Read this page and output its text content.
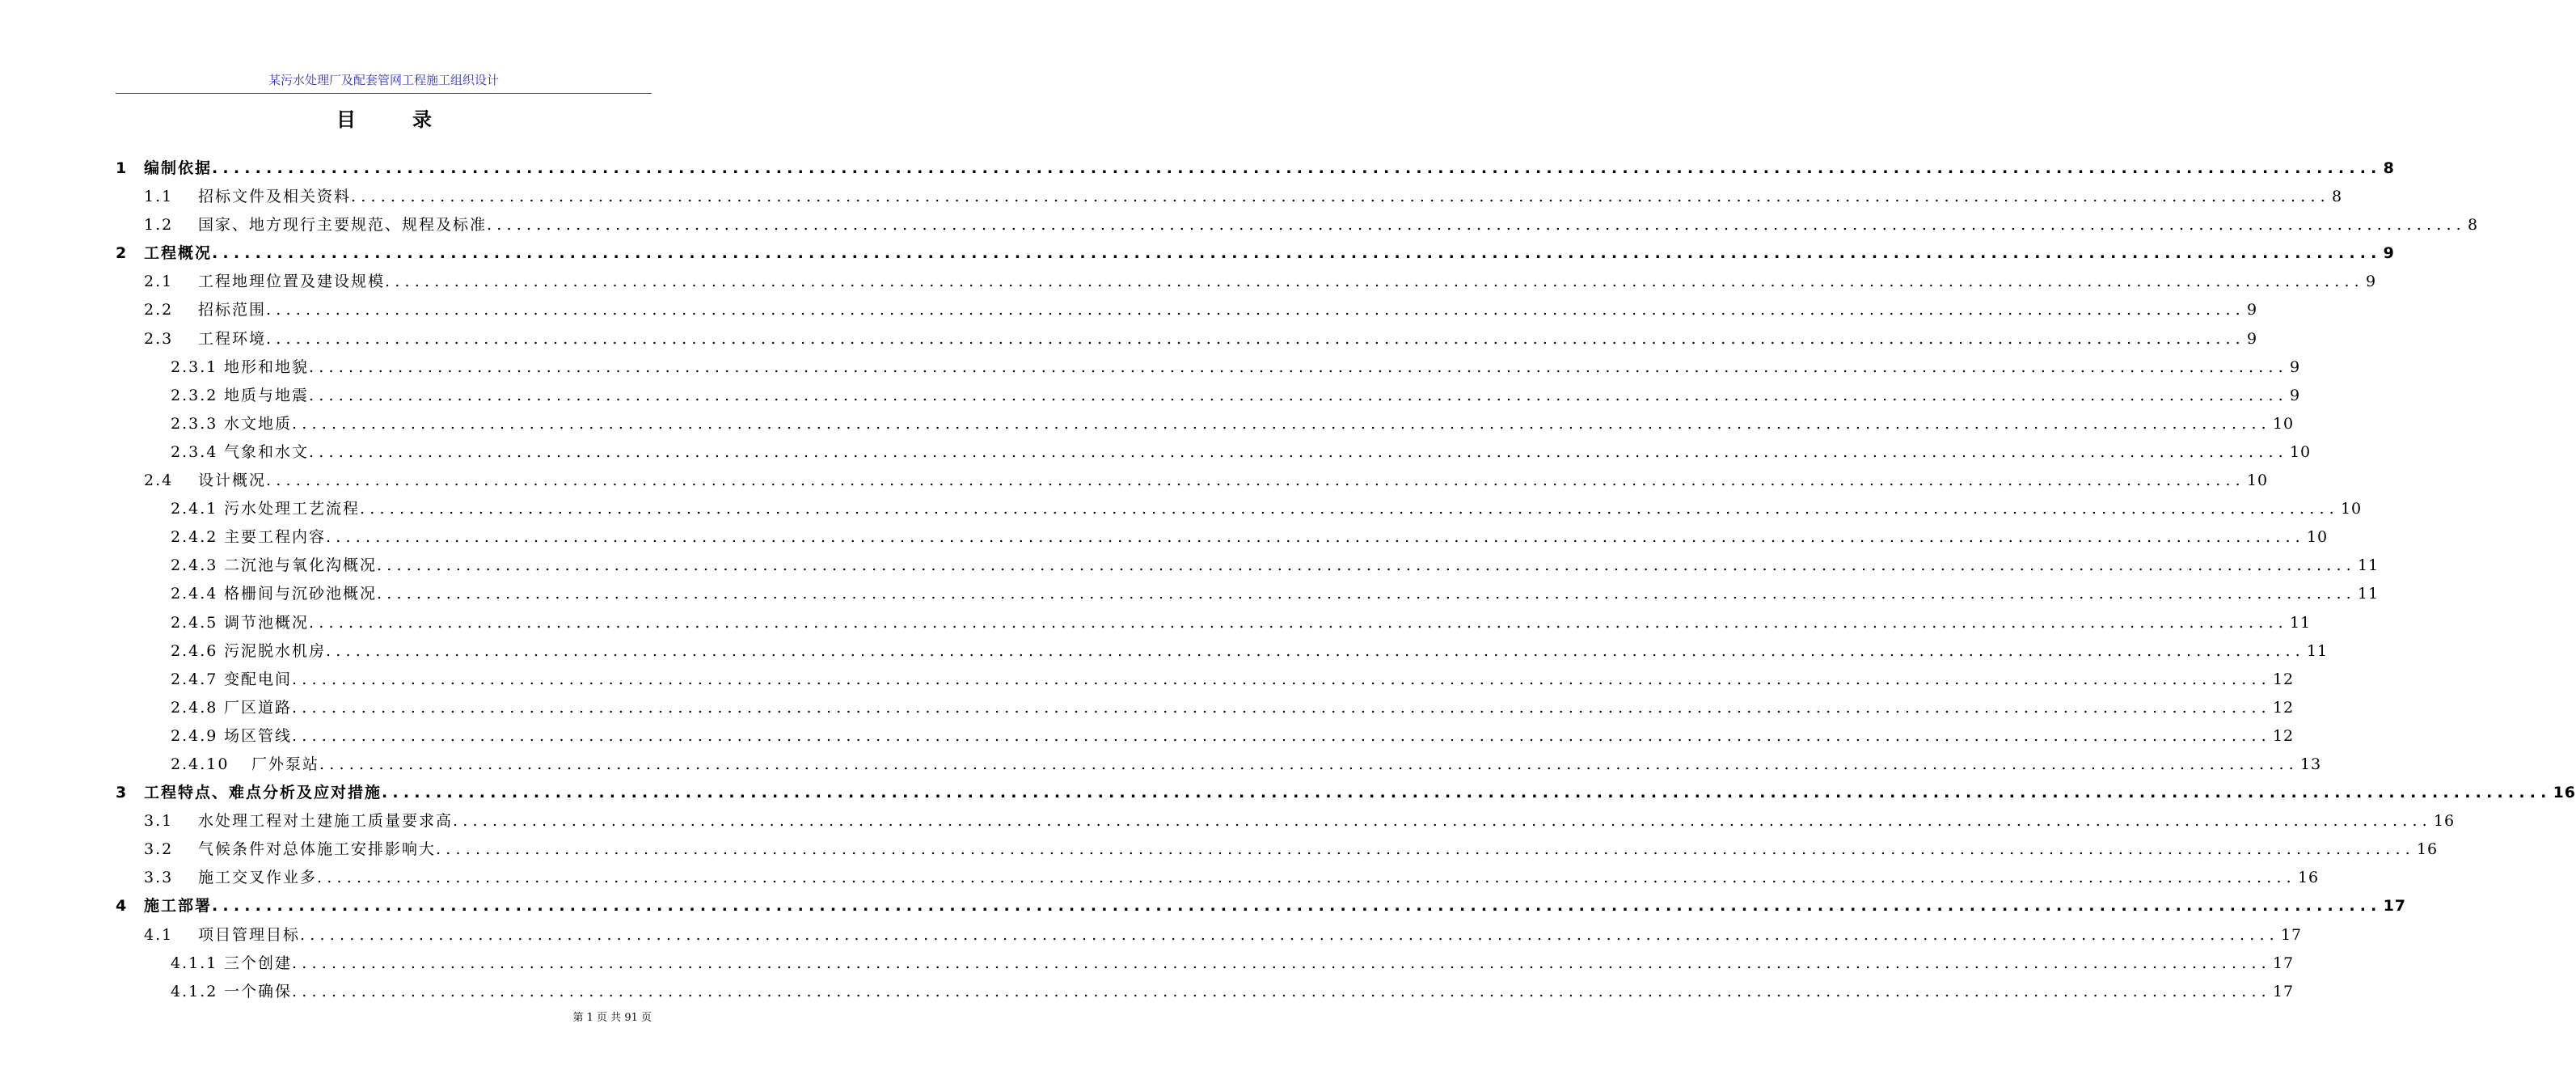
某污水处理厂及配套管网工程施工组织设计
目	录
1	编制依据 ........................................................................................................................................................................................................ 8
1.1	招标文件及相关资料 ........................................................................................................................................................................................................ 8
1.2	国家、地方现行主要规范、规程及标准 ........................................................................................................................................................................................................ 8
2	工程概况 ........................................................................................................................................................................................................ 9
2.1	工程地理位置及建设规模 ........................................................................................................................................................................................................ 9
2.2	招标范围 ........................................................................................................................................................................................................ 9
2.3	工程环境 ........................................................................................................................................................................................................ 9
2.3.1 地形和地貌 ........................................................................................................................................................................................................ 9
2.3.2 地质与地震 ........................................................................................................................................................................................................ 9
2.3.3 水文地质 ........................................................................................................................................................................................................ 10
2.3.4 气象和水文 ........................................................................................................................................................................................................ 10
2.4	设计概况 ........................................................................................................................................................................................................ 10
2.4.1 污水处理工艺流程 ........................................................................................................................................................................................................ 10
2.4.2 主要工程内容 ........................................................................................................................................................................................................ 10
2.4.3 二沉池与氧化沟概况 ........................................................................................................................................................................................................ 11
2.4.4 格栅间与沉砂池概况 ........................................................................................................................................................................................................ 11
2.4.5 调节池概况 ........................................................................................................................................................................................................ 11
2.4.6 污泥脱水机房 ........................................................................................................................................................................................................ 11
2.4.7 变配电间 ........................................................................................................................................................................................................ 12
2.4.8 厂区道路 ........................................................................................................................................................................................................ 12
2.4.9 场区管线 ........................................................................................................................................................................................................ 12
2.4.10	厂外泵站 ........................................................................................................................................................................................................ 13
3	工程特点、难点分析及应对措施 ........................................................................................................................................................................................................ 16
3.1	水处理工程对土建施工质量要求高 ........................................................................................................................................................................................................ 16
3.2	气候条件对总体施工安排影响大 ........................................................................................................................................................................................................ 16
3.3	施工交叉作业多 ........................................................................................................................................................................................................ 16
4	施工部署 ........................................................................................................................................................................................................ 17
4.1	项目管理目标 ........................................................................................................................................................................................................ 17
4.1.1 三个创建 ........................................................................................................................................................................................................ 17
4.1.2 一个确保 ........................................................................................................................................................................................................ 17
第 1 页 共 91 页
